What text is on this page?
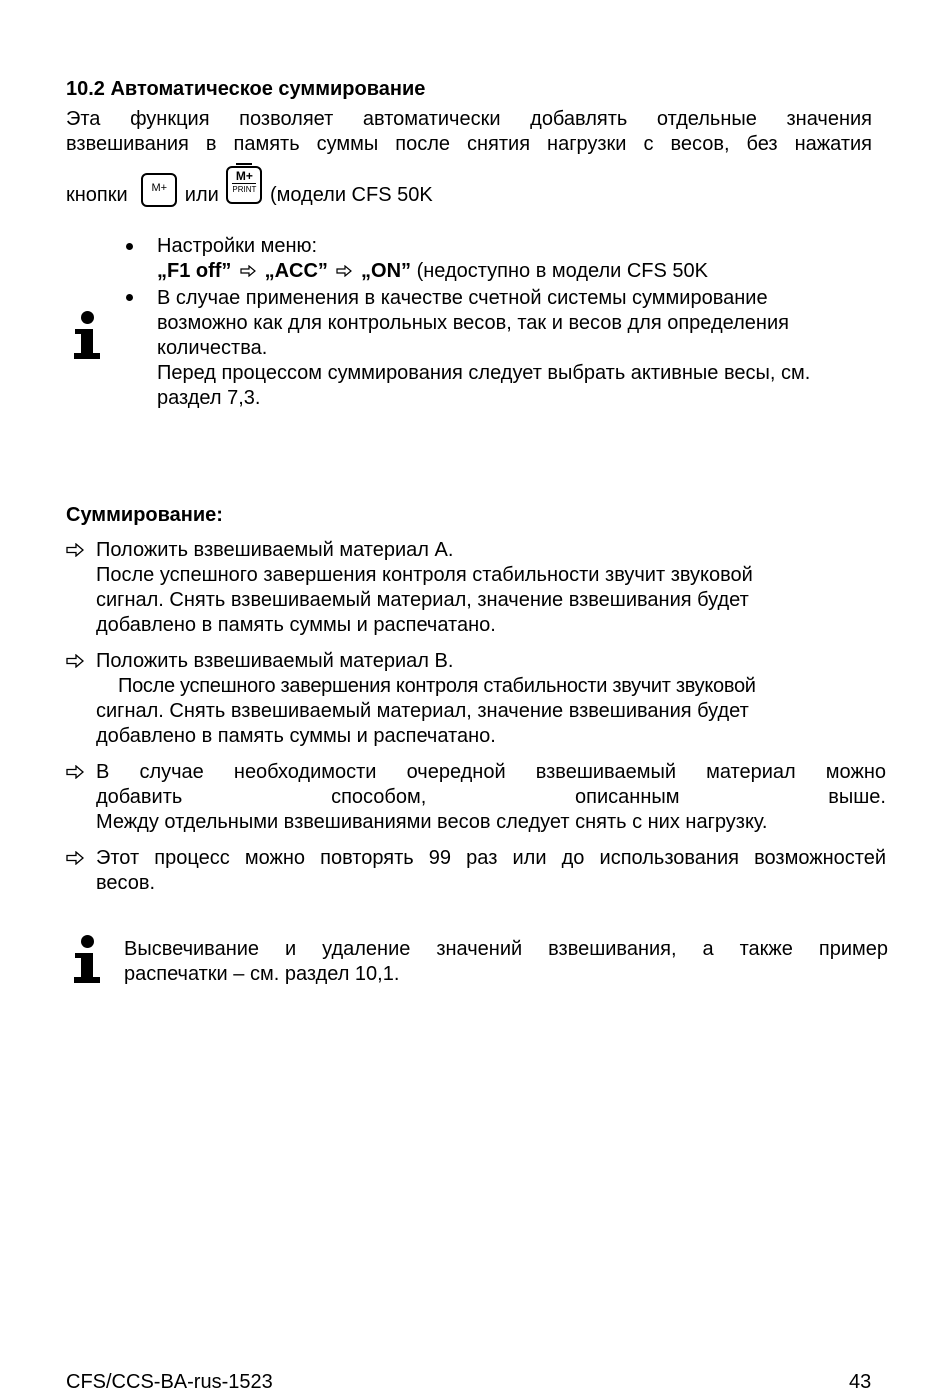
10.2 Автоматическое суммирование
Эта функция позволяет автоматически добавлять отдельные значения
взвешивания в память суммы после снятия нагрузки с весов, без нажатия
кнопки	M+ или
M+
PRINT (модели CFS 50K
Настройки меню:
„F1 off” „ACC” „ON” (недоступно в модели CFS 50K
В случае применения в качестве счетной системы суммирование
возможно как для контрольных весов, так и весов для определения
количества.
Перед процессом суммирования следует выбрать активные весы, см.
раздел 7,3.
Суммирование:
Положить взвешиваемый материал А.
После успешного завершения контроля стабильности звучит звуковой
сигнал. Снять взвешиваемый материал, значение взвешивания будет
добавлено в память суммы и распечатано.
Положить взвешиваемый материал В.
После успешного завершения контроля стабильности звучит звуковой
сигнал. Снять взвешиваемый материал, значение взвешивания будет
добавлено в память суммы и распечатано.
В случае необходимости очередной взвешиваемый материал можно
добавить способом, описанным выше.
Между отдельными взвешиваниями весов следует снять с них нагрузку.
Этот процесс можно повторять 99 раз или до использования возможностей
весов.
Высвечивание и удаление значений взвешивания, а также пример
распечатки – см. раздел 10,1.
CFS/CCS-BA-rus-1523	43
